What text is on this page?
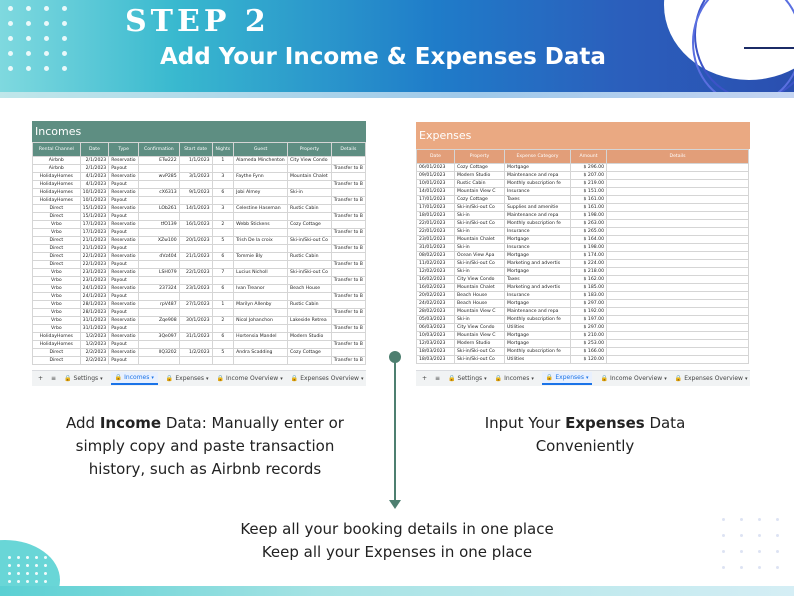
STEP 2
Add Your Income & Expenses Data
Incomes
Rental Channel	Date	Type	Confirmation	Start date	Nights	Guest	Property	Details
Airbnb	2/1/2023	Reservatio	ETw222	1/1/2023	1	Alameda Minchenton	City View Condo	
Airbnb	2/1/2023	Payout						Transfer to B
HolidayHomes	4/1/2023	Reservatio	wvP285	3/1/2023	3	Faythe Fynn	Mountain Chalet	
HolidayHomes	4/1/2023	Payout						Transfer to B
HolidayHomes	10/1/2023	Reservatio	cX6313	9/1/2023	6	Jobi Almey	Ski-in	
HolidayHomes	10/1/2023	Payout						Transfer to B
Direct	15/1/2023	Reservatio	LOb261	14/1/2023	3	Celestine Haseman	Rustic Cabin	
Direct	15/1/2023	Payout						Transfer to B
Vrbo	17/1/2023	Reservatio	tfO139	16/1/2023	2	Webb Stickens	Cozy Cottage	
Vrbo	17/1/2023	Payout						Transfer to B
Direct	21/1/2023	Reservatio	XZw100	20/1/2023	5	Trish De la croix	Ski-in/Ski-out Co	
Direct	21/1/2023	Payout						Transfer to B
Direct	22/1/2023	Reservatio	dVz404	21/1/2023	6	Tommie Bly	Rustic Cabin	
Direct	22/1/2023	Payout						Transfer to B
Vrbo	23/1/2023	Reservatio	LSH079	22/1/2023	7	Lucius Nicholl	Ski-in/Ski-out Co	
Vrbo	23/1/2023	Payout						Transfer to B
Vrbo	24/1/2023	Reservatio	237324	23/1/2023	6	Ivan Treanor	Beach House	
Vrbo	24/1/2023	Payout						Transfer to B
Vrbo	28/1/2023	Reservatio	rpV487	27/1/2023	1	Marilyn Allenby	Rustic Cabin	
Vrbo	28/1/2023	Payout						Transfer to B
Vrbo	31/1/2023	Reservatio	Zqe908	30/1/2023	2	Nicol Johanchon	Lakeside Retrea	
Vrbo	31/1/2023	Payout						Transfer to B
HolidayHomes	1/2/2023	Reservatio	3Qe097	31/1/2023	6	Hortensia Mandel	Modern Studio	
HolidayHomes	1/2/2023	Payout						Transfer to B
Direct	2/2/2023	Reservatio	lIQ3202	1/2/2023	5	Andra Scadding	Cozy Cottage	
Direct	2/2/2023	Payout						Transfer to B
+ ≡ 🔒 Settings ▾ 🔒 Incomes ▾ 🔒 Expenses ▾ 🔒 Income Overview ▾ 🔒 Expenses Overview ▾
Expenses
Date	Property	Expense Category	Amount	Details
06/01/2023	Cozy Cottage	Mortgage	$ 296.00	
09/01/2023	Modern Studio	Maintenance and repa	$ 207.00	
10/01/2023	Rustic Cabin	Monthly subscription fe	$ 219.00	
14/01/2023	Mountain View C	Insurance	$ 151.00	
17/01/2023	Cozy Cottage	Taxes	$ 161.00	
17/01/2023	Ski-in/Ski-out Co	Supplies and amenitie	$ 161.00	
18/01/2023	Ski-in	Maintenance and repa	$ 198.00	
22/01/2023	Ski-in/Ski-out Co	Monthly subscription fe	$ 263.00	
22/01/2023	Ski-in	Insurance	$ 265.00	
23/01/2023	Mountain Chalet	Mortgage	$ 164.00	
31/01/2023	Ski-in	Insurance	$ 198.00	
08/02/2023	Ocean View Apa	Mortgage	$ 174.00	
11/02/2023	Ski-in/Ski-out Co	Marketing and advertis	$ 224.00	
12/02/2023	Ski-in	Mortgage	$ 218.00	
16/02/2023	City View Condo	Taxes	$ 162.00	
16/02/2023	Mountain Chalet	Marketing and advertis	$ 185.00	
20/02/2023	Beach House	Insurance	$ 183.00	
24/02/2023	Beach House	Mortgage	$ 297.00	
28/02/2023	Mountain View C	Maintenance and repa	$ 192.00	
05/03/2023	Ski-in	Monthly subscription fe	$ 197.00	
06/03/2023	City View Condo	Utilities	$ 297.00	
10/03/2023	Mountain View C	Mortgage	$ 210.00	
12/03/2023	Modern Studio	Mortgage	$ 253.00	
18/03/2023	Ski-in/Ski-out Co	Monthly subscription fe	$ 166.00	
18/03/2023	Ski-in/Ski-out Co	Utilities	$ 120.00	
+ ≡ 🔒 Settings ▾ 🔒 Incomes ▾ 🔒 Expenses ▾ 🔒 Income Overview ▾ 🔒 Expenses Overview ▾
Add Income Data: Manually enter or simply copy and paste transaction history, such as Airbnb records
Input Your Expenses Data Conveniently
Keep all your booking details in one place
Keep all your Expenses in one place
